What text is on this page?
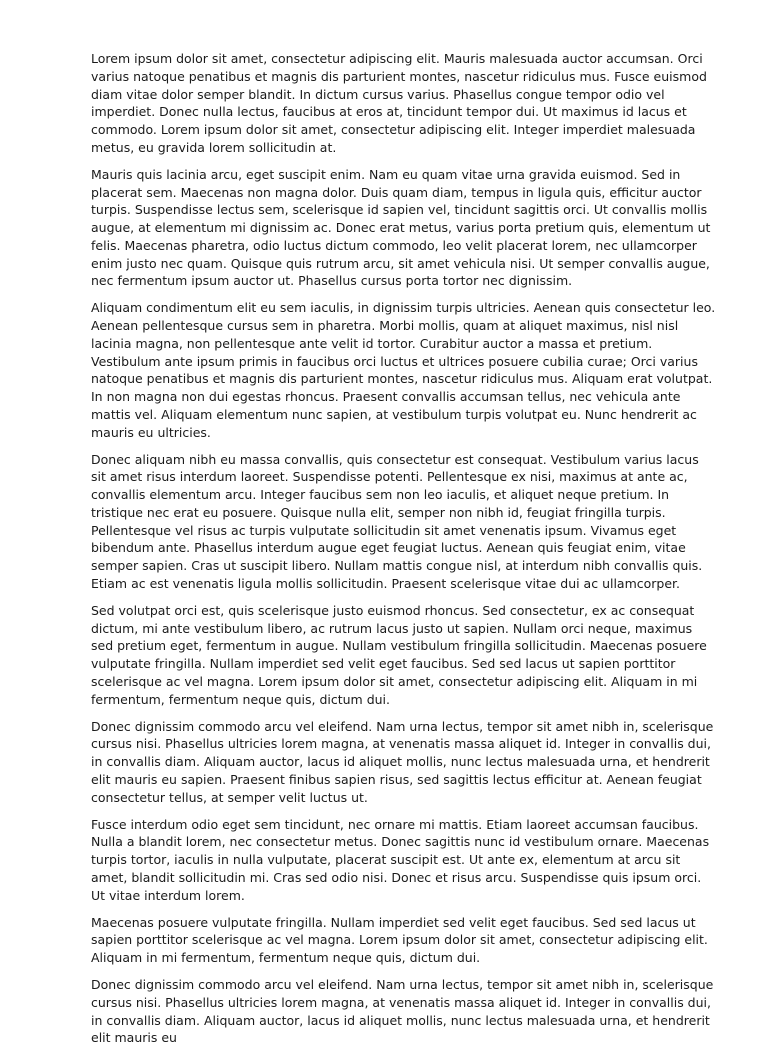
Lorem ipsum dolor sit amet, consectetur adipiscing elit. Mauris malesuada auctor accumsan. Orci varius natoque penatibus et magnis dis parturient montes, nascetur ridiculus mus. Fusce euismod diam vitae dolor semper blandit. In dictum cursus varius. Phasellus congue tempor odio vel imperdiet. Donec nulla lectus, faucibus at eros at, tincidunt tempor dui. Ut maximus id lacus et commodo. Lorem ipsum dolor sit amet, consectetur adipiscing elit. Integer imperdiet malesuada metus, eu gravida lorem sollicitudin at.

Mauris quis lacinia arcu, eget suscipit enim. Nam eu quam vitae urna gravida euismod. Sed in placerat sem. Maecenas non magna dolor. Duis quam diam, tempus in ligula quis, efficitur auctor turpis. Suspendisse lectus sem, scelerisque id sapien vel, tincidunt sagittis orci. Ut convallis mollis augue, at elementum mi dignissim ac. Donec erat metus, varius porta pretium quis, elementum ut felis. Maecenas pharetra, odio luctus dictum commodo, leo velit placerat lorem, nec ullamcorper enim justo nec quam. Quisque quis rutrum arcu, sit amet vehicula nisi. Ut semper convallis augue, nec fermentum ipsum auctor ut. Phasellus cursus porta tortor nec dignissim.

Aliquam condimentum elit eu sem iaculis, in dignissim turpis ultricies. Aenean quis consectetur leo. Aenean pellentesque cursus sem in pharetra. Morbi mollis, quam at aliquet maximus, nisl nisl lacinia magna, non pellentesque ante velit id tortor. Curabitur auctor a massa et pretium. Vestibulum ante ipsum primis in faucibus orci luctus et ultrices posuere cubilia curae; Orci varius natoque penatibus et magnis dis parturient montes, nascetur ridiculus mus. Aliquam erat volutpat. In non magna non dui egestas rhoncus. Praesent convallis accumsan tellus, nec vehicula ante mattis vel. Aliquam elementum nunc sapien, at vestibulum turpis volutpat eu. Nunc hendrerit ac mauris eu ultricies.

Donec aliquam nibh eu massa convallis, quis consectetur est consequat. Vestibulum varius lacus sit amet risus interdum laoreet. Suspendisse potenti. Pellentesque ex nisi, maximus at ante ac, convallis elementum arcu. Integer faucibus sem non leo iaculis, et aliquet neque pretium. In tristique nec erat eu posuere. Quisque nulla elit, semper non nibh id, feugiat fringilla turpis. Pellentesque vel risus ac turpis vulputate sollicitudin sit amet venenatis ipsum. Vivamus eget bibendum ante. Phasellus interdum augue eget feugiat luctus. Aenean quis feugiat enim, vitae semper sapien. Cras ut suscipit libero. Nullam mattis congue nisl, at interdum nibh convallis quis. Etiam ac est venenatis ligula mollis sollicitudin. Praesent scelerisque vitae dui ac ullamcorper.

Sed volutpat orci est, quis scelerisque justo euismod rhoncus. Sed consectetur, ex ac consequat dictum, mi ante vestibulum libero, ac rutrum lacus justo ut sapien. Nullam orci neque, maximus sed pretium eget, fermentum in augue. Nullam vestibulum fringilla sollicitudin. Maecenas posuere vulputate fringilla. Nullam imperdiet sed velit eget faucibus. Sed sed lacus ut sapien porttitor scelerisque ac vel magna. Lorem ipsum dolor sit amet, consectetur adipiscing elit. Aliquam in mi fermentum, fermentum neque quis, dictum dui.

Donec dignissim commodo arcu vel eleifend. Nam urna lectus, tempor sit amet nibh in, scelerisque cursus nisi. Phasellus ultricies lorem magna, at venenatis massa aliquet id. Integer in convallis dui, in convallis diam. Aliquam auctor, lacus id aliquet mollis, nunc lectus malesuada urna, et hendrerit elit mauris eu sapien. Praesent finibus sapien risus, sed sagittis lectus efficitur at. Aenean feugiat consectetur tellus, at semper velit luctus ut.

Fusce interdum odio eget sem tincidunt, nec ornare mi mattis. Etiam laoreet accumsan faucibus. Nulla a blandit lorem, nec consectetur metus. Donec sagittis nunc id vestibulum ornare. Maecenas turpis tortor, iaculis in nulla vulputate, placerat suscipit est. Ut ante ex, elementum at arcu sit amet, blandit sollicitudin mi. Cras sed odio nisi. Donec et risus arcu. Suspendisse quis ipsum orci. Ut vitae interdum lorem.

Maecenas posuere vulputate fringilla. Nullam imperdiet sed velit eget faucibus. Sed sed lacus ut sapien porttitor scelerisque ac vel magna. Lorem ipsum dolor sit amet, consectetur adipiscing elit. Aliquam in mi fermentum, fermentum neque quis, dictum dui.

Donec dignissim commodo arcu vel eleifend. Nam urna lectus, tempor sit amet nibh in, scelerisque cursus nisi. Phasellus ultricies lorem magna, at venenatis massa aliquet id. Integer in convallis dui, in convallis diam. Aliquam auctor, lacus id aliquet mollis, nunc lectus malesuada urna, et hendrerit elit mauris eu
